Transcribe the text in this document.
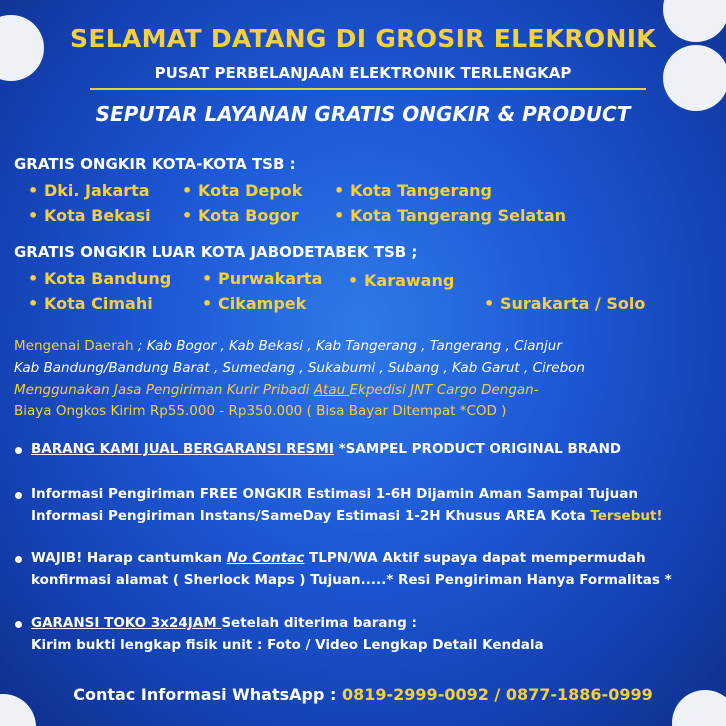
SELAMAT DATANG DI GROSIR ELEKRONIK
PUSAT PERBELANJAAN ELEKTRONIK TERLENGKAP
SEPUTAR LAYANAN GRATIS ONGKIR & PRODUCT
GRATIS ONGKIR KOTA-KOTA TSB :
• Dki. Jakarta	• Kota Depok	• Kota Tangerang
• Kota Bekasi	• Kota Bogor	• Kota Tangerang Selatan
GRATIS ONGKIR LUAR KOTA JABODETABEK TSB ;
• Kota Bandung	• Purwakarta	• Karawang
• Kota Cimahi	• Cikampek	• Surakarta / Solo
Mengenai Daerah ; Kab Bogor , Kab Bekasi , Kab Tangerang , Tangerang , Cianjur
Kab Bandung/Bandung Barat , Sumedang , Sukabumi , Subang , Kab Garut , Cirebon
Menggunakan Jasa Pengiriman Kurir Pribadi Atau Ekpedisi JNT Cargo Dengan-
Biaya Ongkos Kirim Rp55.000 - Rp350.000 ( Bisa Bayar Ditempat *COD )
BARANG KAMI JUAL BERGARANSI RESMI *SAMPEL PRODUCT ORIGINAL BRAND
Informasi Pengiriman FREE ONGKIR Estimasi 1-6H Dijamin Aman Sampai Tujuan
Informasi Pengiriman Instans/SameDay Estimasi 1-2H Khusus AREA Kota Tersebut!
WAJIB! Harap cantumkan No Contac TLPN/WA Aktif supaya dapat mempermudah
konfirmasi alamat ( Sherlock Maps ) Tujuan.....* Resi Pengiriman Hanya Formalitas *
GARANSI TOKO 3x24JAM Setelah diterima barang :
Kirim bukti lengkap fisik unit : Foto / Video Lengkap Detail Kendala
Contac Informasi WhatsApp : 0819-2999-0092 / 0877-1886-0999
